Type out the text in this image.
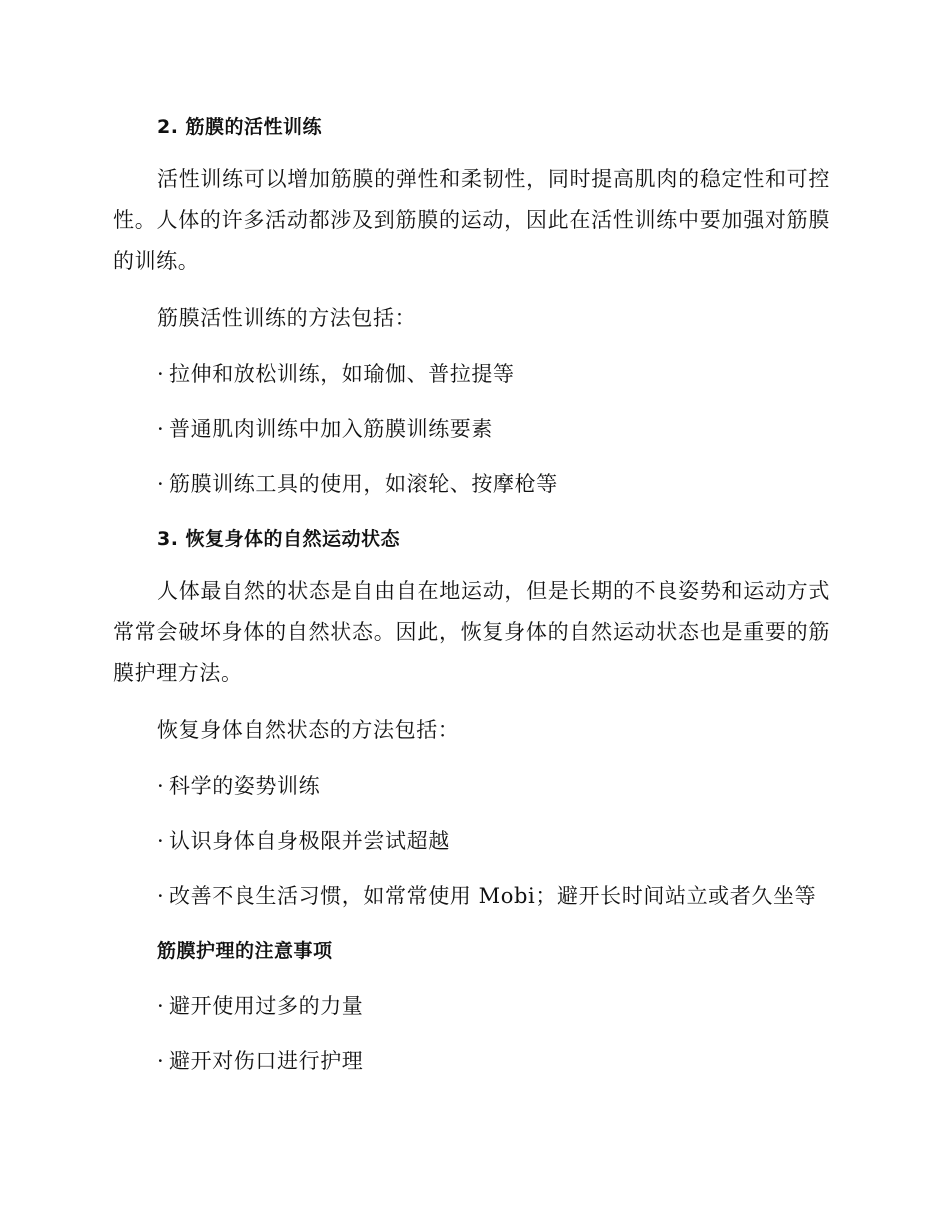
2. 筋膜的活性训练

活性训练可以增加筋膜的弹性和柔韧性，同时提高肌肉的稳定性和可控性。人体的许多活动都涉及到筋膜的运动，因此在活性训练中要加强对筋膜的训练。

筋膜活性训练的方法包括：

· 拉伸和放松训练，如瑜伽、普拉提等

· 普通肌肉训练中加入筋膜训练要素

· 筋膜训练工具的使用，如滚轮、按摩枪等

3. 恢复身体的自然运动状态

人体最自然的状态是自由自在地运动，但是长期的不良姿势和运动方式常常会破坏身体的自然状态。因此，恢复身体的自然运动状态也是重要的筋膜护理方法。

恢复身体自然状态的方法包括：

· 科学的姿势训练

· 认识身体自身极限并尝试超越

· 改善不良生活习惯，如常常使用 Mobi；避开长时间站立或者久坐等

筋膜护理的注意事项

· 避开使用过多的力量

· 避开对伤口进行护理
